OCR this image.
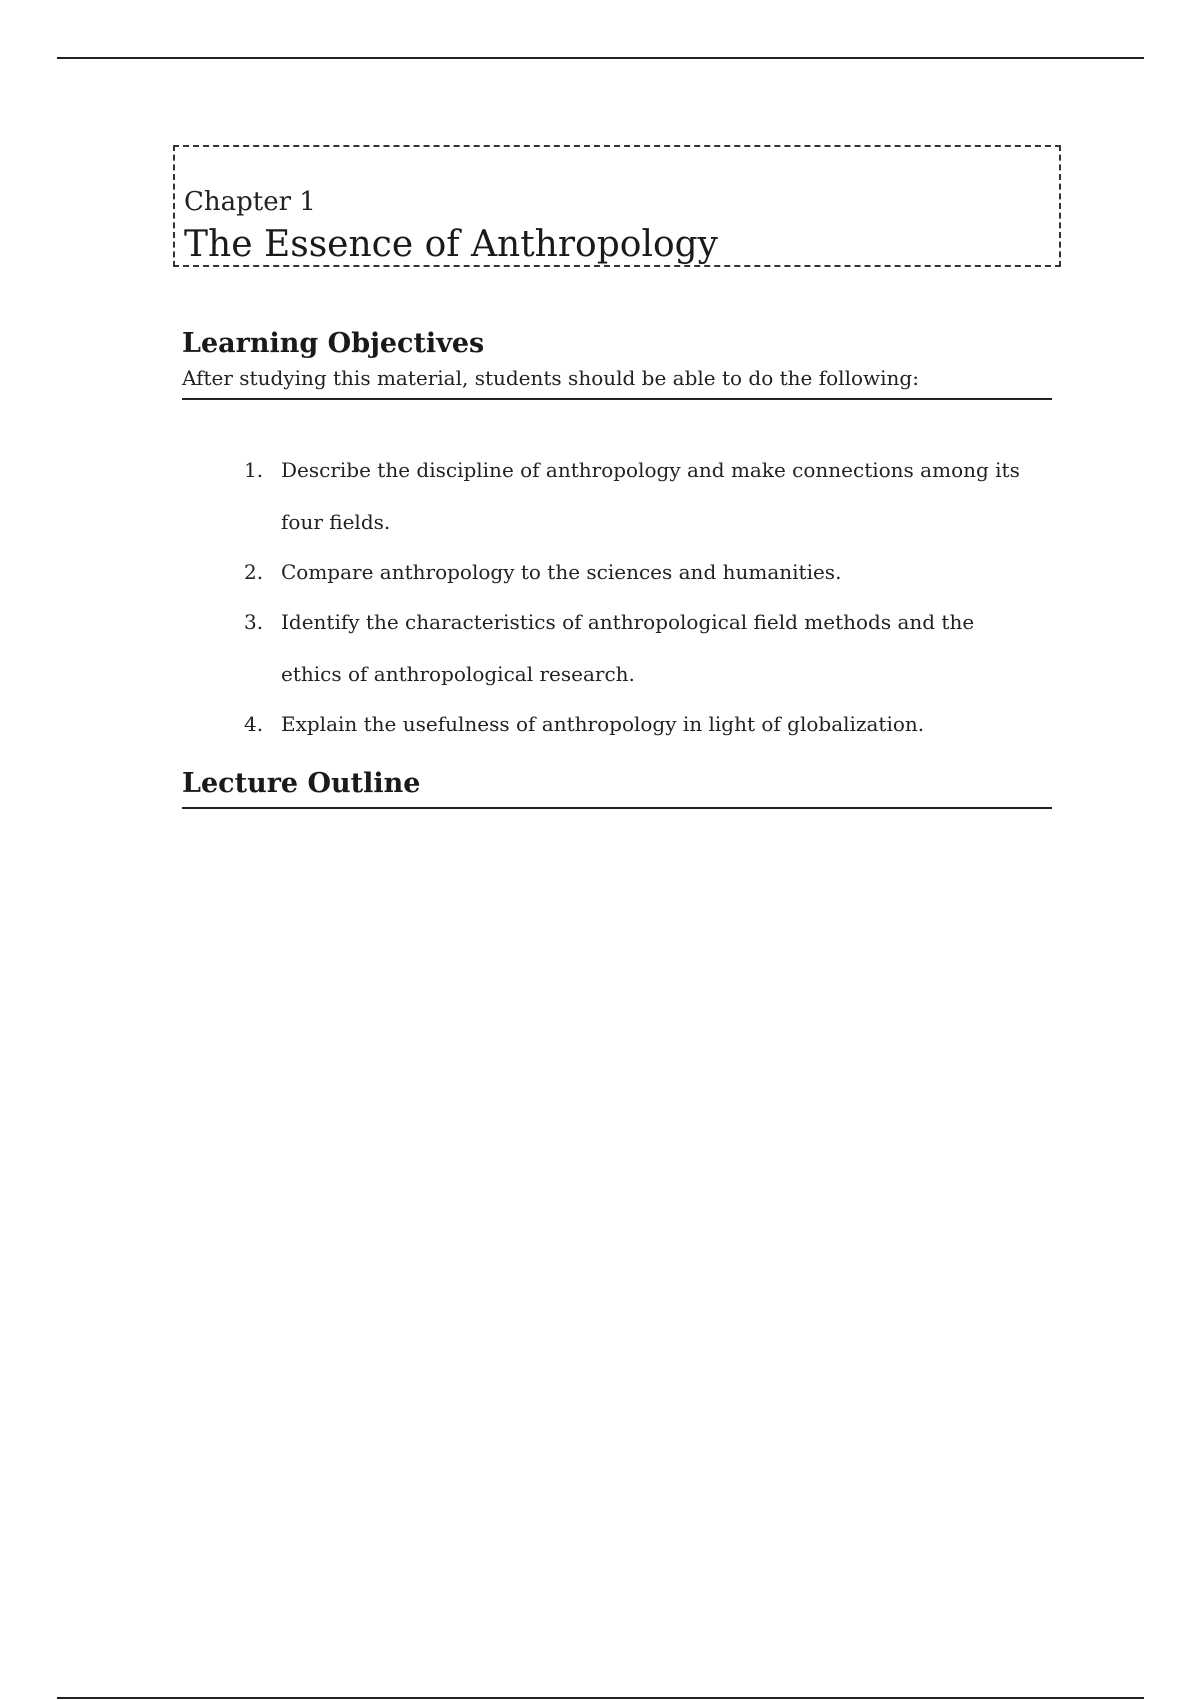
Chapter 1
The Essence of Anthropology
Learning Objectives
After studying this material, students should be able to do the following:
1. Describe the discipline of anthropology and make connections among its four fields.
2. Compare anthropology to the sciences and humanities.
3. Identify the characteristics of anthropological field methods and the ethics of anthropological research.
4. Explain the usefulness of anthropology in light of globalization.
Lecture Outline
